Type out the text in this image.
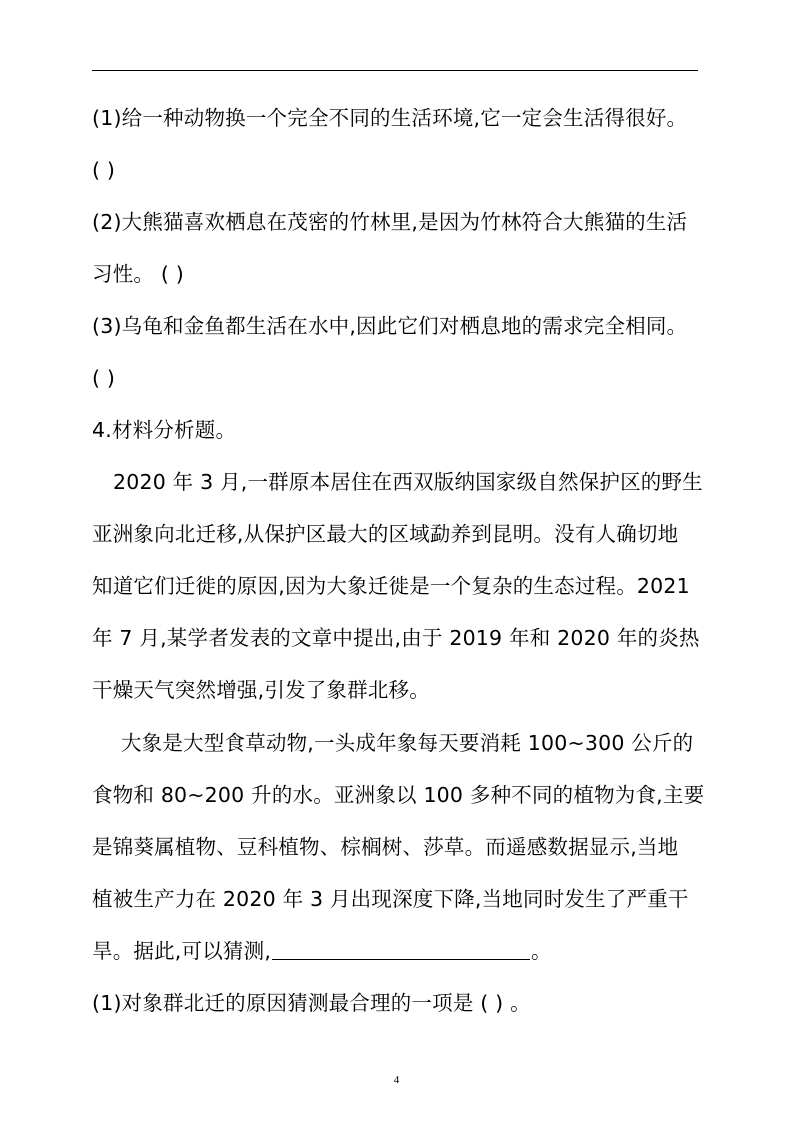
(1)给一种动物换一个完全不同的生活环境,它一定会生活得很好。
( )
(2)大熊猫喜欢栖息在茂密的竹林里,是因为竹林符合大熊猫的生活
习性。 ( )
(3)乌龟和金鱼都生活在水中,因此它们对栖息地的需求完全相同。
( )
4.材料分析题。
2020 年 3 月,一群原本居住在西双版纳国家级自然保护区的野生
亚洲象向北迁移,从保护区最大的区域勐养到昆明。没有人确切地
知道它们迁徙的原因,因为大象迁徙是一个复杂的生态过程。2021
年 7 月,某学者发表的文章中提出,由于 2019 年和 2020 年的炎热
干燥天气突然增强,引发了象群北移。
大象是大型食草动物,一头成年象每天要消耗 100~300 公斤的
食物和 80~200 升的水。亚洲象以 100 多种不同的植物为食,主要
是锦葵属植物、豆科植物、棕榈树、莎草。而遥感数据显示,当地
植被生产力在 2020 年 3 月出现深度下降,当地同时发生了严重干
旱。据此,可以猜测,	。
(1)对象群北迁的原因猜测最合理的一项是 ( ) 。
4
